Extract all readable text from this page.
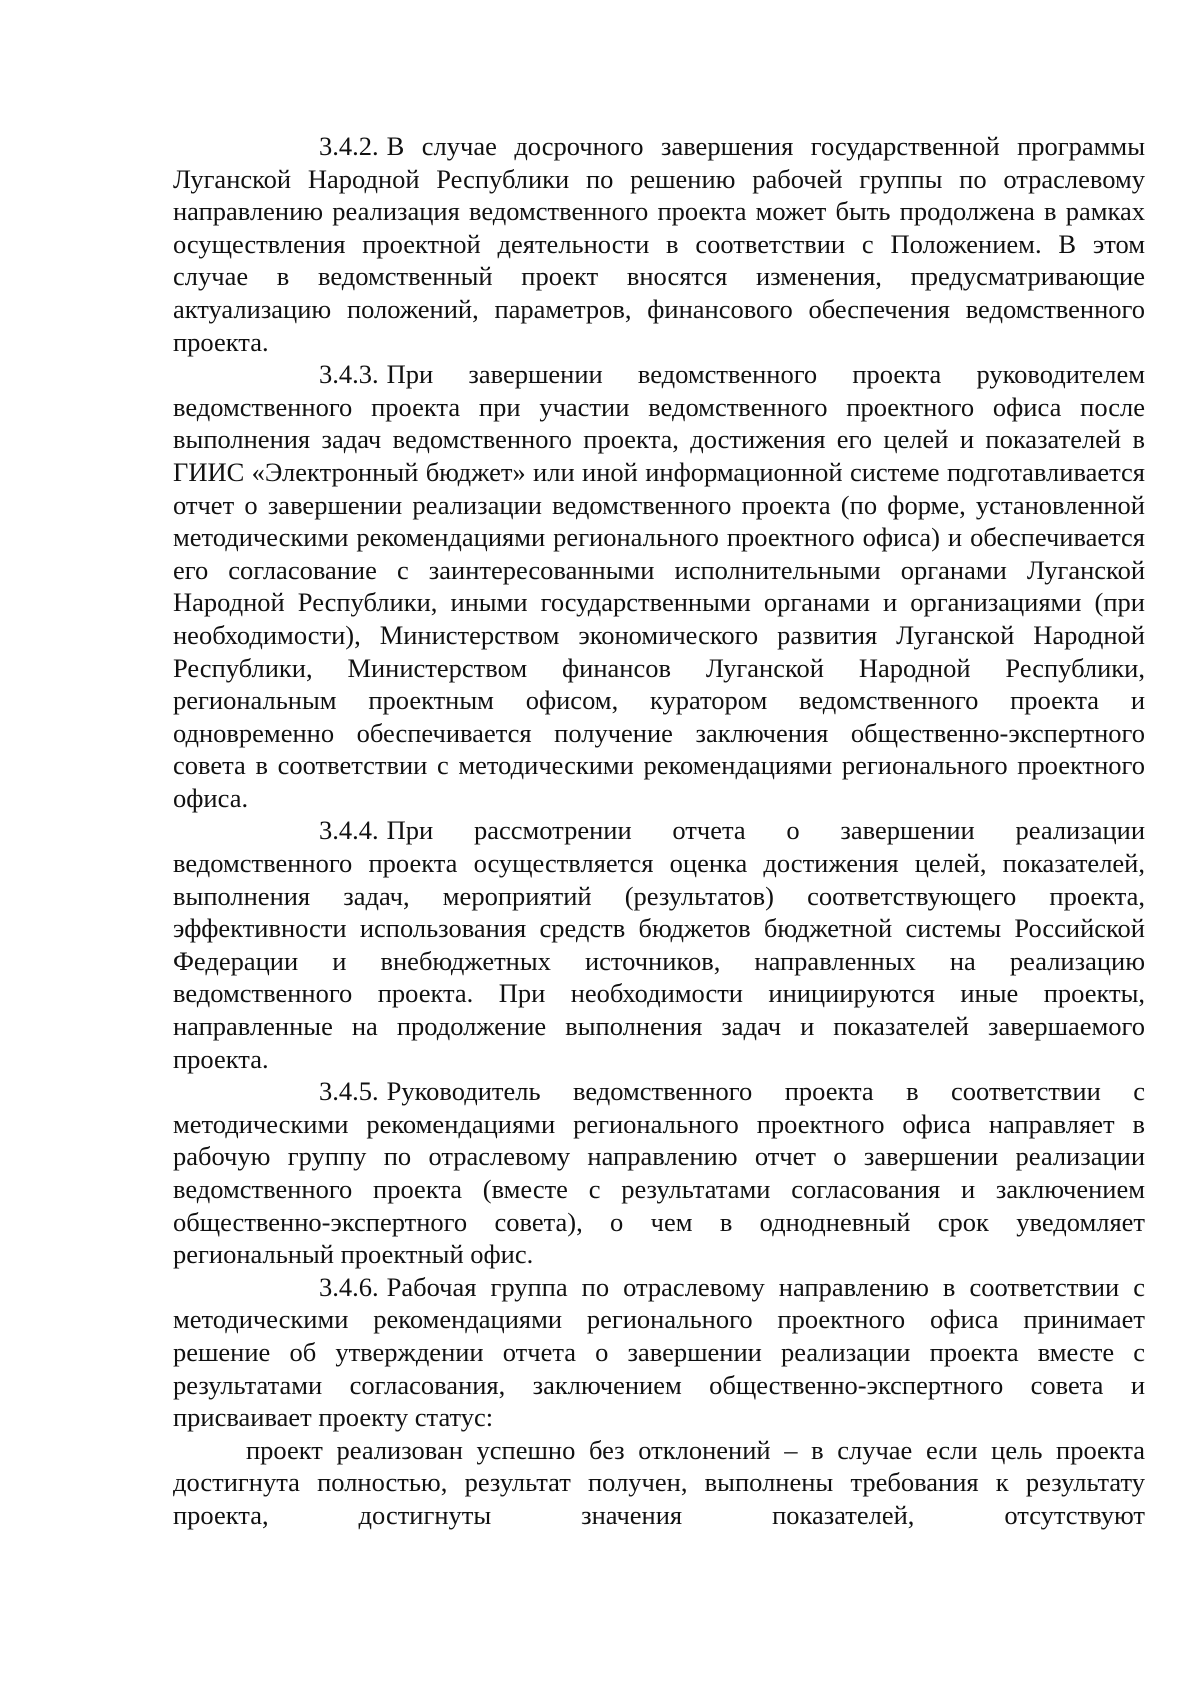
3.4.2. В случае досрочного завершения государственной программы Луганской Народной Республики по решению рабочей группы по отраслевому направлению реализация ведомственного проекта может быть продолжена в рамках осуществления проектной деятельности в соответствии с Положением. В этом случае в ведомственный проект вносятся изменения, предусматривающие актуализацию положений, параметров, финансового обеспечения ведомственного проекта.

3.4.3. При завершении ведомственного проекта руководителем ведомственного проекта при участии ведомственного проектного офиса после выполнения задач ведомственного проекта, достижения его целей и показателей в ГИИС «Электронный бюджет» или иной информационной системе подготавливается отчет о завершении реализации ведомственного проекта (по форме, установленной методическими рекомендациями регионального проектного офиса) и обеспечивается его согласование с заинтересованными исполнительными органами Луганской Народной Республики, иными государственными органами и организациями (при необходимости), Министерством экономического развития Луганской Народной Республики, Министерством финансов Луганской Народной Республики, региональным проектным офисом, куратором ведомственного проекта и одновременно обеспечивается получение заключения общественно-экспертного совета в соответствии с методическими рекомендациями регионального проектного офиса.

3.4.4. При рассмотрении отчета о завершении реализации ведомственного проекта осуществляется оценка достижения целей, показателей, выполнения задач, мероприятий (результатов) соответствующего проекта, эффективности использования средств бюджетов бюджетной системы Российской Федерации и внебюджетных источников, направленных на реализацию ведомственного проекта. При необходимости инициируются иные проекты, направленные на продолжение выполнения задач и показателей завершаемого проекта.

3.4.5. Руководитель ведомственного проекта в соответствии с методическими рекомендациями регионального проектного офиса направляет в рабочую группу по отраслевому направлению отчет о завершении реализации ведомственного проекта (вместе с результатами согласования и заключением общественно-экспертного совета), о чем в однодневный срок уведомляет региональный проектный офис.

3.4.6. Рабочая группа по отраслевому направлению в соответствии с методическими рекомендациями регионального проектного офиса принимает решение об утверждении отчета о завершении реализации проекта вместе с результатами согласования, заключением общественно-экспертного совета и присваивает проекту статус:

проект реализован успешно без отклонений – в случае если цель проекта достигнута полностью, результат получен, выполнены требования к результату проекта, достигнуты значения показателей, отсутствуют
